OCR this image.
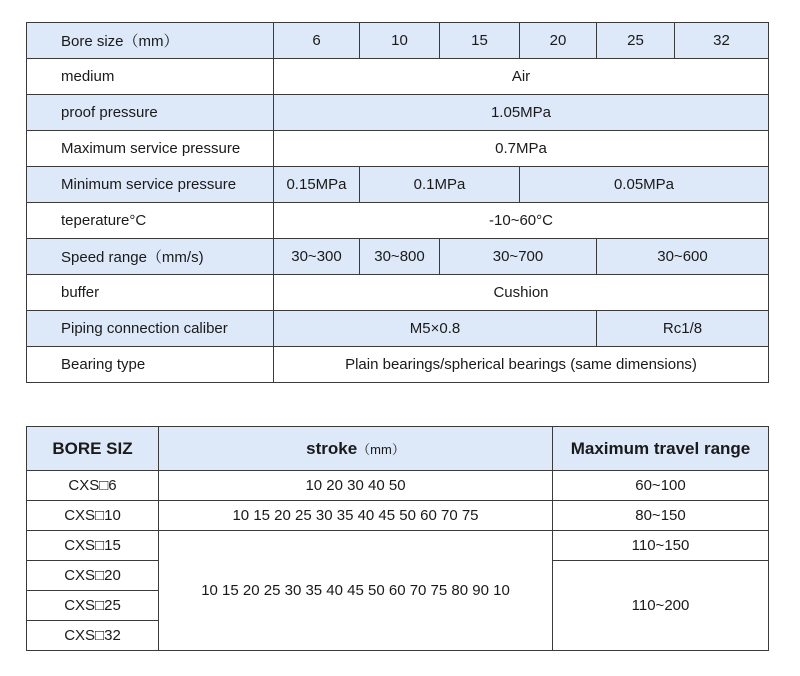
Bore size（mm）	6	10	15	20	25	32
medium	Air					
proof pressure	1.05MPa					
Maximum service pressure	0.7MPa					
Minimum service pressure	0.15MPa	0.1MPa		0.05MPa		
teperature°C	-10~60°C					
Speed range（mm/s)	30~300	30~800	30~700		30~600	
buffer	Cushion					
Piping connection caliber	M5×0.8				Rc1/8	
Bearing type	Plain bearings/spherical bearings (same dimensions)					
BORE SIZ	stroke（mm）	Maximum travel range
CXS□6	10 20 30 40 50	60~100
CXS□10	10 15 20 25 30 35 40 45 50 60 70 75	80~150
CXS□15	10 15 20 25 30 35 40 45 50 60 70 75 80 90 10	110~150
CXS□20		110~200
CXS□25		
CXS□32		
